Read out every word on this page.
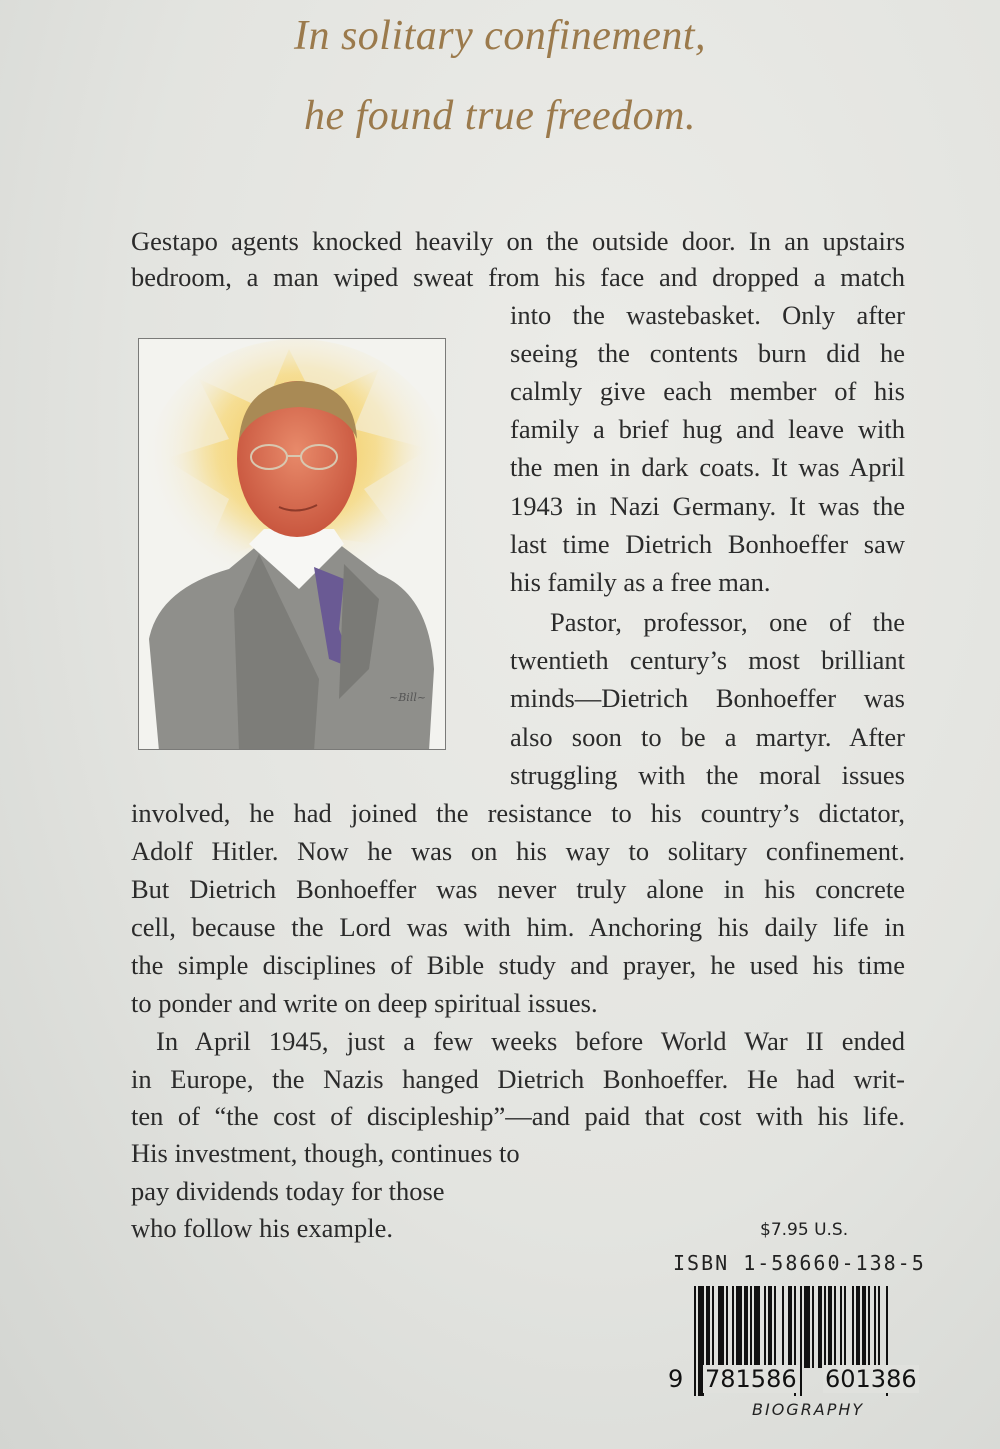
In solitary confinement,
he found true freedom.
Gestapo agents knocked heavily on the outside door. In an upstairs
bedroom, a man wiped sweat from his face and dropped a match
into the wastebasket. Only after
seeing the contents burn did he
calmly give each member of his
family a brief hug and leave with
the men in dark coats. It was April
1943 in Nazi Germany. It was the
last time Dietrich Bonhoeffer saw
his family as a free man.
Pastor, professor, one of the
twentieth century’s most brilliant
minds—Dietrich Bonhoeffer was
also soon to be a martyr. After
struggling with the moral issues
involved, he had joined the resistance to his country’s dictator,
Adolf Hitler. Now he was on his way to solitary confinement.
But Dietrich Bonhoeffer was never truly alone in his concrete
cell, because the Lord was with him. Anchoring his daily life in
the simple disciplines of Bible study and prayer, he used his time
to ponder and write on deep spiritual issues.
In April 1945, just a few weeks before World War II ended
in Europe, the Nazis hanged Dietrich Bonhoeffer. He had writ-
ten of “the cost of discipleship”—and paid that cost with his life.
His investment, though, continues to
pay dividends today for those
who follow his example.
~Bill~
$7.95 U.S.
ISBN 1-58660-138-5
9 781586 601386
BIOGRAPHY
